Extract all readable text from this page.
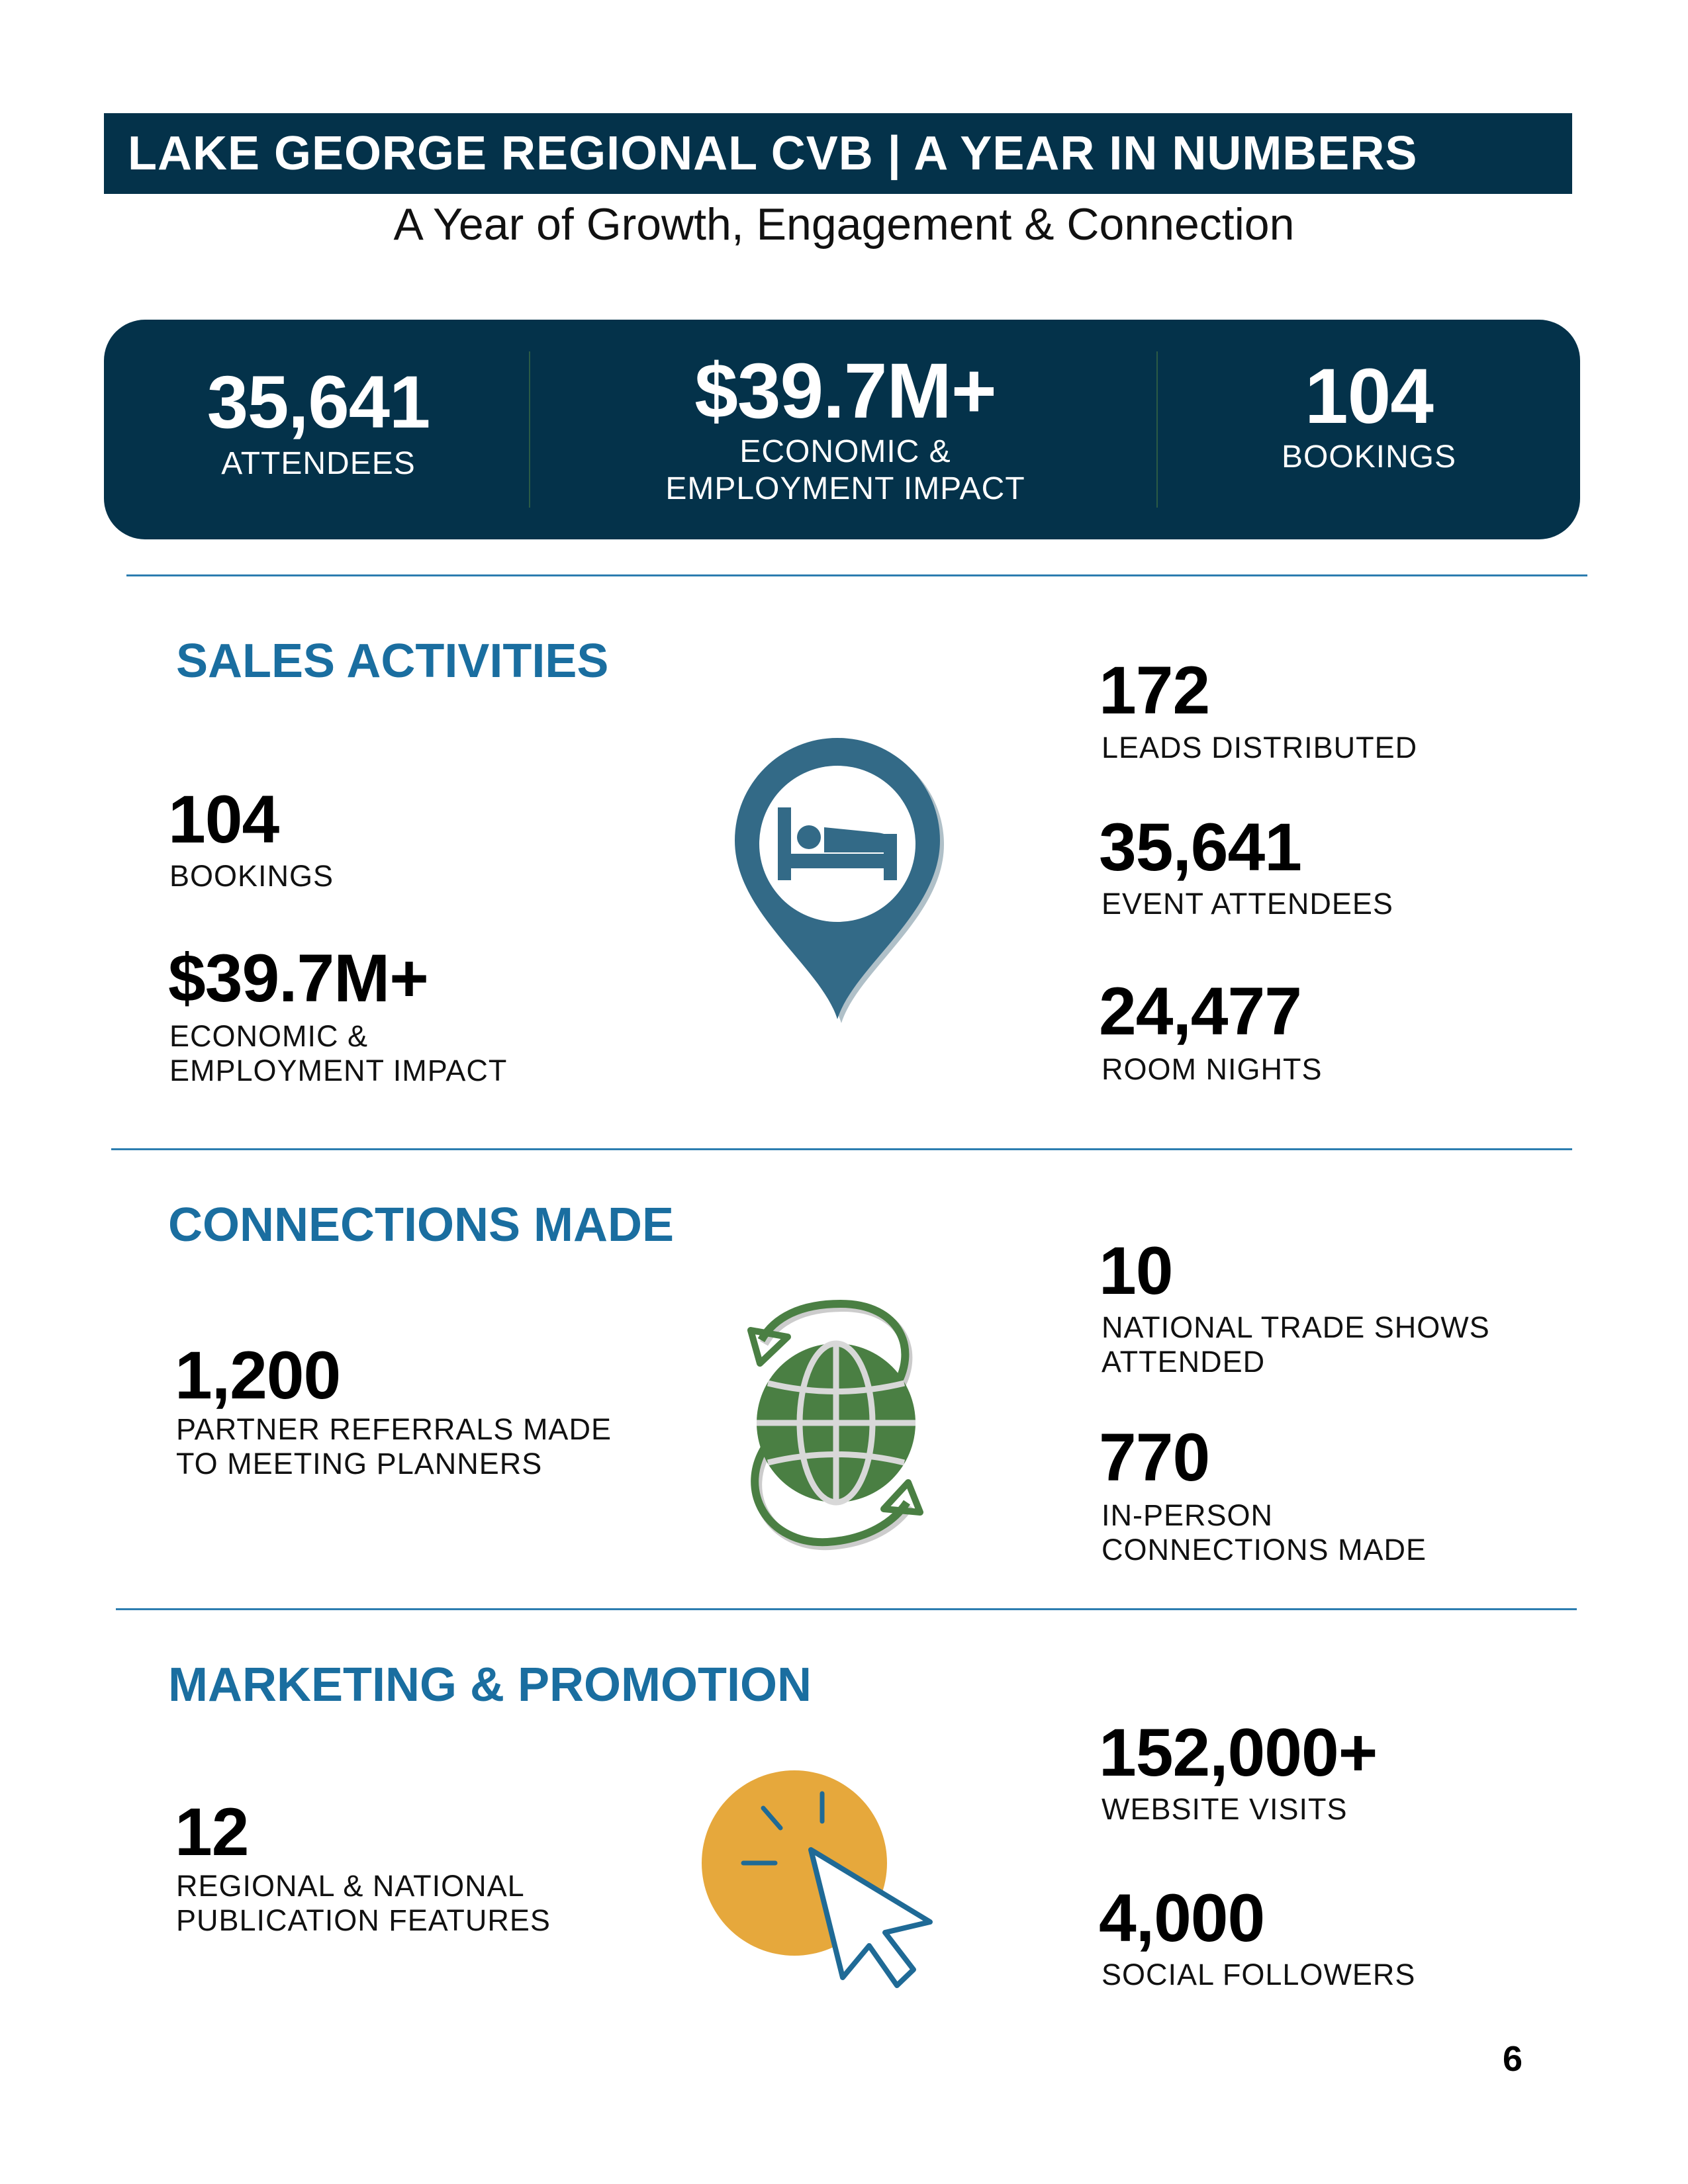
LAKE GEORGE REGIONAL CVB | A YEAR IN NUMBERS
A Year of Growth, Engagement & Connection
35,641
ATTENDEES
$39.7M+
ECONOMIC &
EMPLOYMENT IMPACT
104
BOOKINGS
SALES ACTIVITIES
104
BOOKINGS
$39.7M+
ECONOMIC &
EMPLOYMENT IMPACT
172
LEADS DISTRIBUTED
35,641
EVENT ATTENDEES
24,477
ROOM NIGHTS
CONNECTIONS MADE
1,200
PARTNER REFERRALS MADE
TO MEETING PLANNERS
10
NATIONAL TRADE SHOWS
ATTENDED
770
IN-PERSON
CONNECTIONS MADE
MARKETING & PROMOTION
12
REGIONAL & NATIONAL
PUBLICATION FEATURES
152,000+
WEBSITE VISITS
4,000
SOCIAL FOLLOWERS
6
